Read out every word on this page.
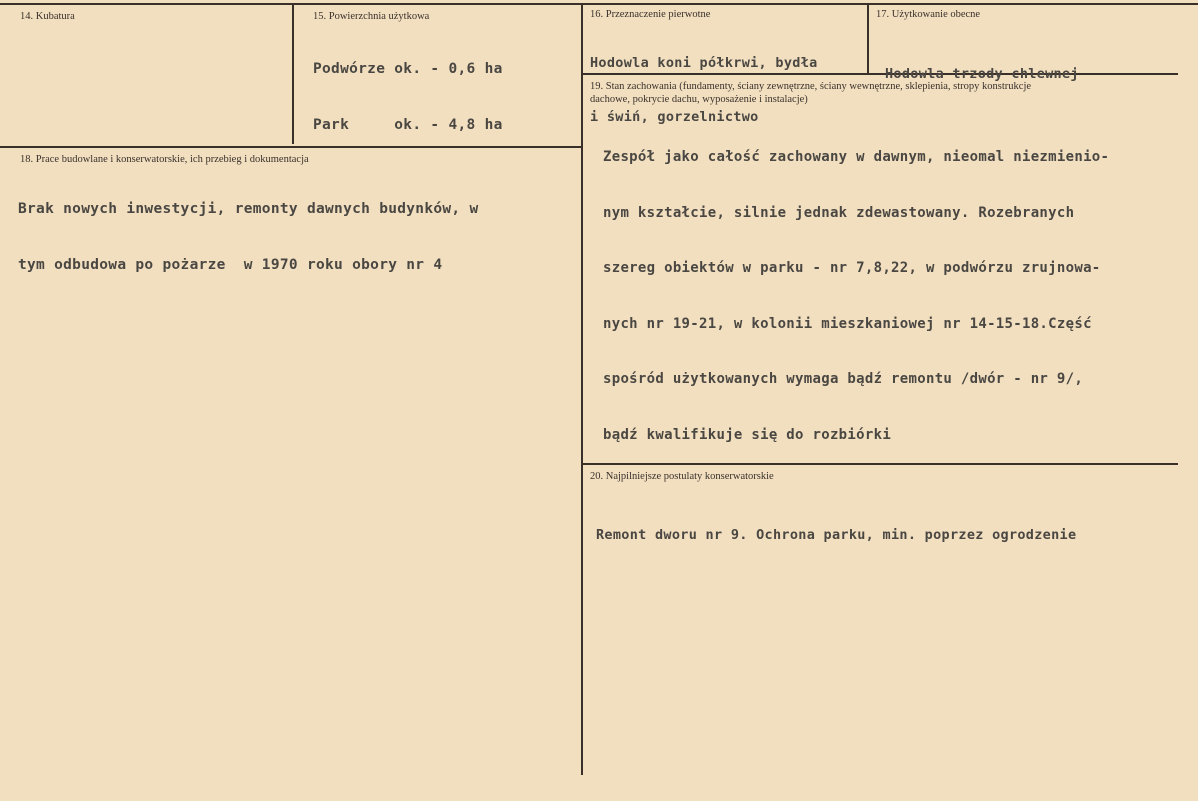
14. Kubatura	15. Powierzchnia użytkowa

Podwórze ok. - 0,6 ha

Park     ok. - 4,8 ha

16. Przeznaczenie pierwotne

Hodowla koni półkrwi, bydła

i świń, gorzelnictwo

17. Użytkowanie obecne

Hodowla trzody chlewnej

18. Prace budowlane i konserwatorskie, ich przebieg i dokumentacja

Brak nowych inwestycji, remonty dawnych budynków, w

tym odbudowa po pożarze  w 1970 roku obory nr 4

19. Stan zachowania (fundamenty, ściany zewnętrzne, ściany wewnętrzne, sklepienia, stropy konstrukcje dachowe, pokrycie dachu, wyposażenie i instalacje)

Zespół jako całość zachowany w dawnym, nieomal niezmienio-

nym kształcie, silnie jednak zdewastowany. Rozebranych

szereg obiektów w parku - nr 7,8,22, w podwórzu zrujnowa-

nych nr 19-21, w kolonii mieszkaniowej nr 14-15-18.Część

spośród użytkowanych wymaga bądź remontu /dwór - nr 9/,

bądź kwalifikuje się do rozbiórki

20. Najpilniejsze postulaty konserwatorskie

Remont dworu nr 9. Ochrona parku, min. poprzez ogrodzenie
